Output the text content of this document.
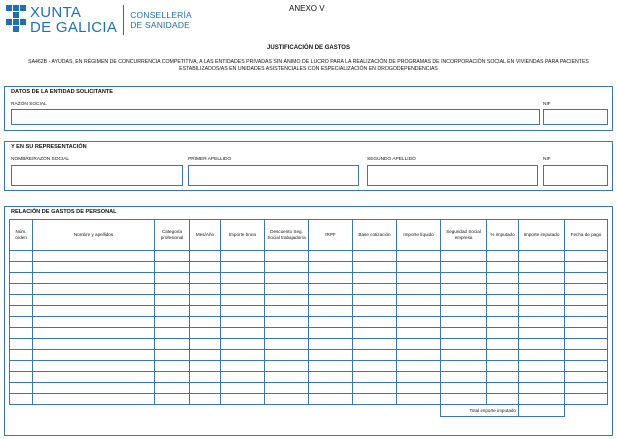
XUNTA
DE GALICIA
CONSELLERÍA
DE SANIDADE
ANEXO V
JUSTIFICACIÓN DE GASTOS
SA462B - AYUDAS, EN RÉGIMEN DE CONCURRENCIA COMPETITIVA, A LAS ENTIDADES PRIVADAS SIN ÁNIMO DE LUCRO PARA LA REALIZACIÓN DE PROGRAMAS DE INCORPORACIÓN SOCIAL EN VIVIENDAS PARA PACIENTES
ESTABILIZADOS/AS EN UNIDADES ASISTENCIALES CON ESPECIALIZACIÓN EN DROGODEPENDENCIAS
DATOS DE LA ENTIDAD SOLICITANTE
RAZÓN SOCIAL	NIF
Y EN SU REPRESENTACIÓN
NOMBRE/RAZÓN SOCIAL	PRIMER APELLIDO	SEGUNDO APELLIDO	NIF
RELACIÓN DE GASTOS DE PERSONAL
Núm. orden	Nombre y apellidos	Categoría profesional	Mes/Año	Importe bruto	Descuento Seg. Social trabajador/a	IRPF	Base cotización	Importe líquido	Seguridad Social empresa	% imputado	Importe imputado	Fecha de pago

									Total importe imputado			
